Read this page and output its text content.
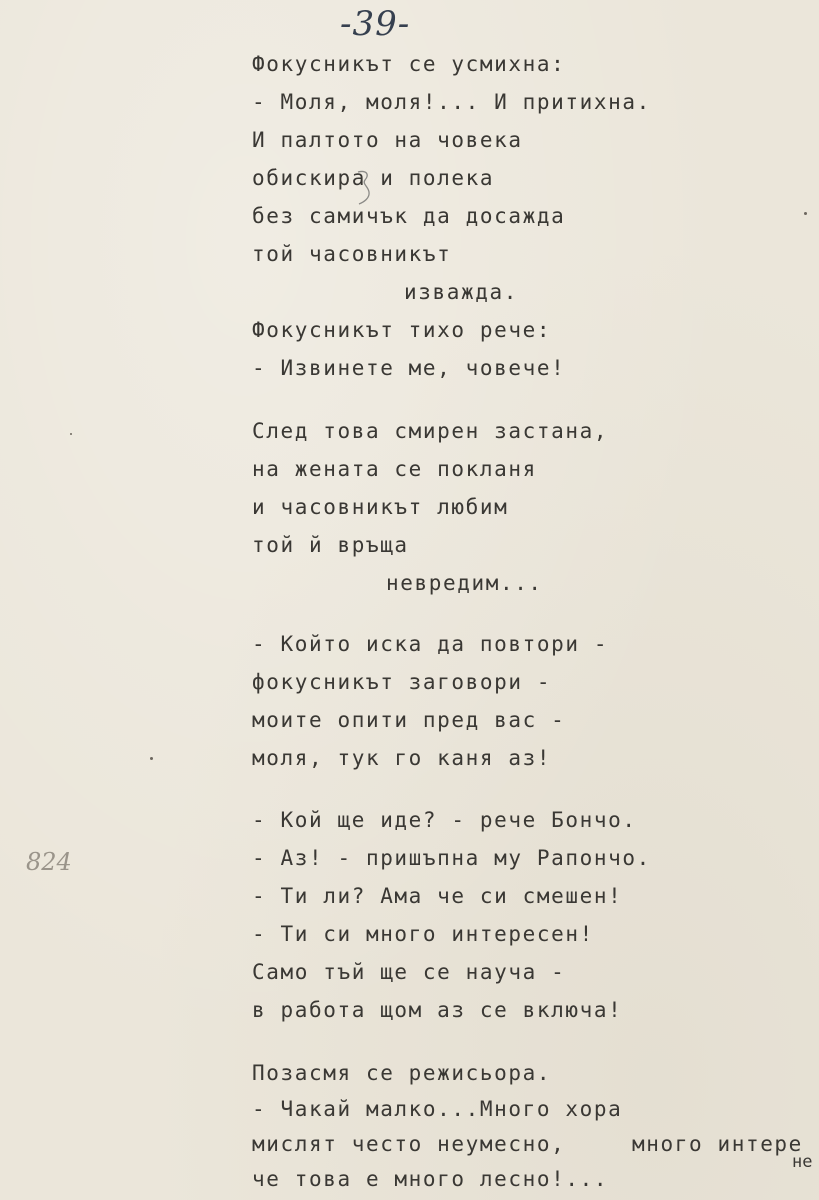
-39-
824
Фокусникът се усмихна:
- Моля, моля!... И притихна.
И палтото на човека
обискира и полека
без самичък да досажда
той часовникът
изважда.
Фокусникът тихо рече:
- Извинете ме, човече!
След това смирен застана,
на жената се покланя
и часовникът любим
той й връща
невредим...
- Който иска да повтори -
фокусникът заговори -
моите опити пред вас -
моля, тук го каня аз!
- Кой ще иде? - рече Бончо.
- Аз! - пришъпна му Рапончо.
- Ти ли? Ама че си смешен!
- Ти си много интересен!
Само тъй ще се науча -
в работа щом аз се включа!
Позасмя се режисьора.
- Чакай малко...Много хора
мислят често неумесно,
че това е много лесно!...
много интере
не
